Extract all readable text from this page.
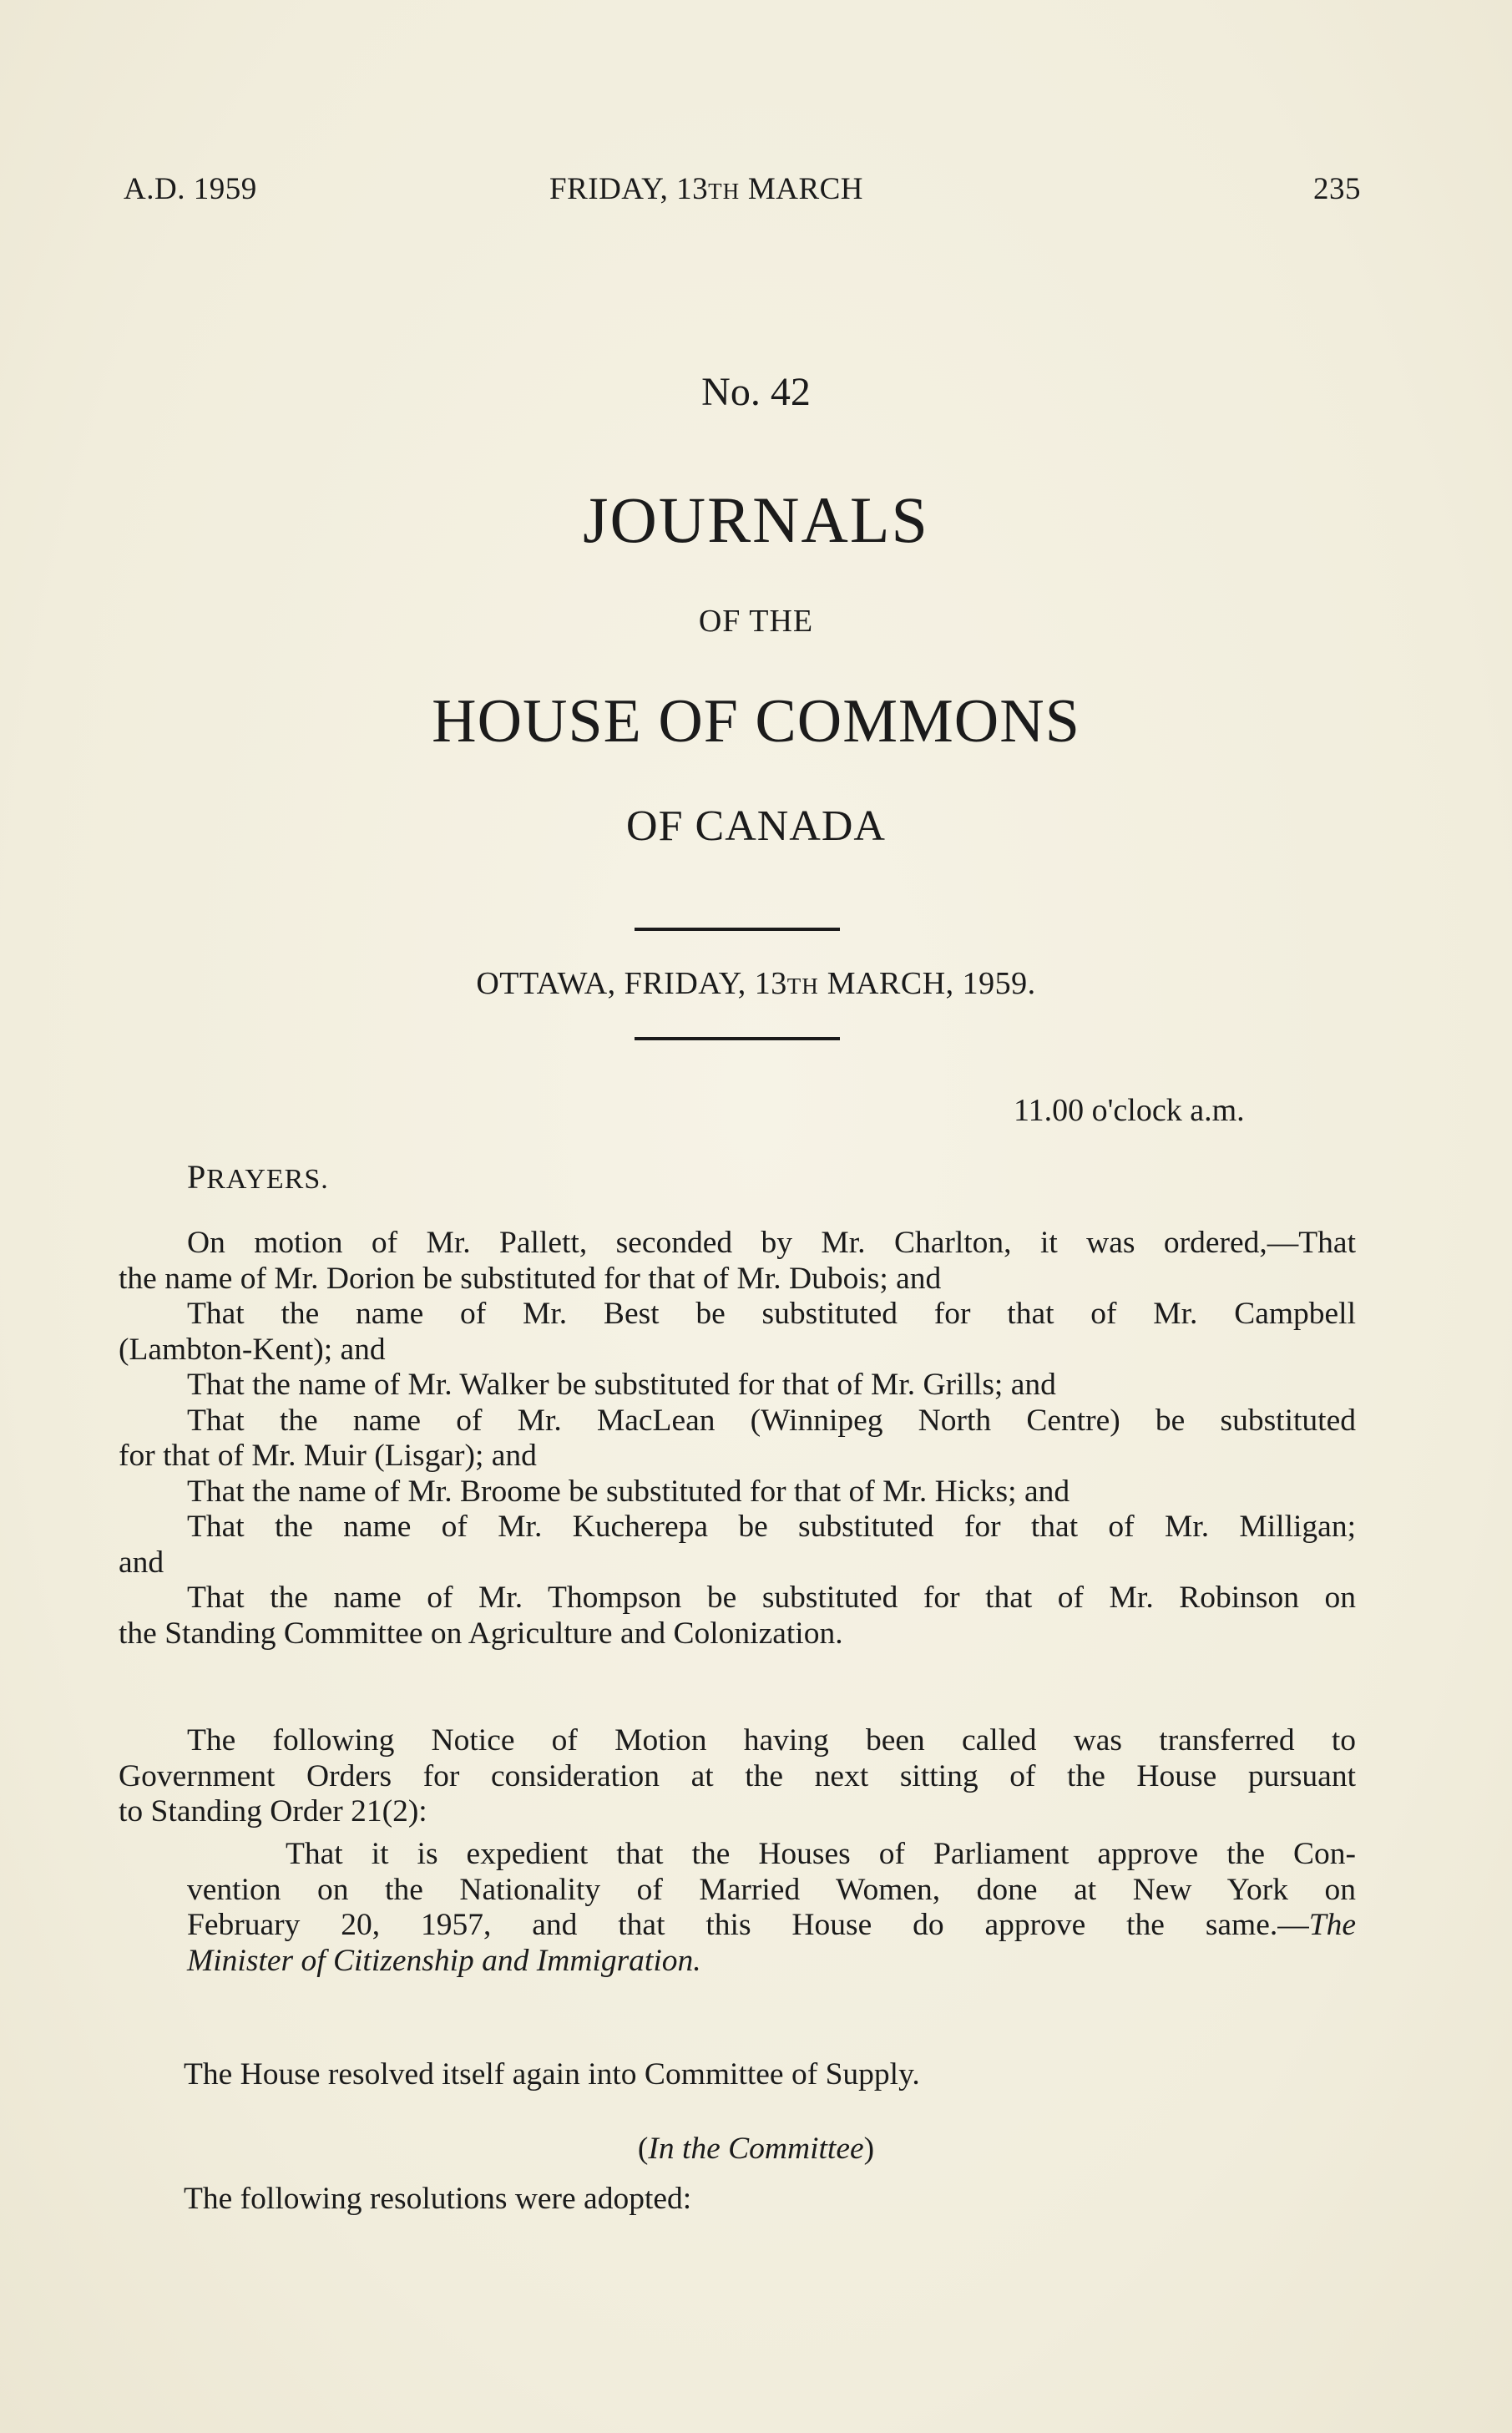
A.D. 1959	FRIDAY, 13TH MARCH	235
No. 42
JOURNALS
OF THE
HOUSE OF COMMONS
OF CANADA
OTTAWA, FRIDAY, 13TH MARCH, 1959.
11.00 o'clock a.m.
PRAYERS.
On motion of Mr. Pallett, seconded by Mr. Charlton, it was ordered,—That
the name of Mr. Dorion be substituted for that of Mr. Dubois; and
That the name of Mr. Best be substituted for that of Mr. Campbell
(Lambton-Kent); and
That the name of Mr. Walker be substituted for that of Mr. Grills; and
That the name of Mr. MacLean (Winnipeg North Centre) be substituted
for that of Mr. Muir (Lisgar); and
That the name of Mr. Broome be substituted for that of Mr. Hicks; and
That the name of Mr. Kucherepa be substituted for that of Mr. Milligan;
and
That the name of Mr. Thompson be substituted for that of Mr. Robinson on
the Standing Committee on Agriculture and Colonization.
The following Notice of Motion having been called was transferred to
Government Orders for consideration at the next sitting of the House pursuant
to Standing Order 21(2):
That it is expedient that the Houses of Parliament approve the Con-
vention on the Nationality of Married Women, done at New York on
February 20, 1957, and that this House do approve the same.—The
Minister of Citizenship and Immigration.
The House resolved itself again into Committee of Supply.
(In the Committee)
The following resolutions were adopted:
